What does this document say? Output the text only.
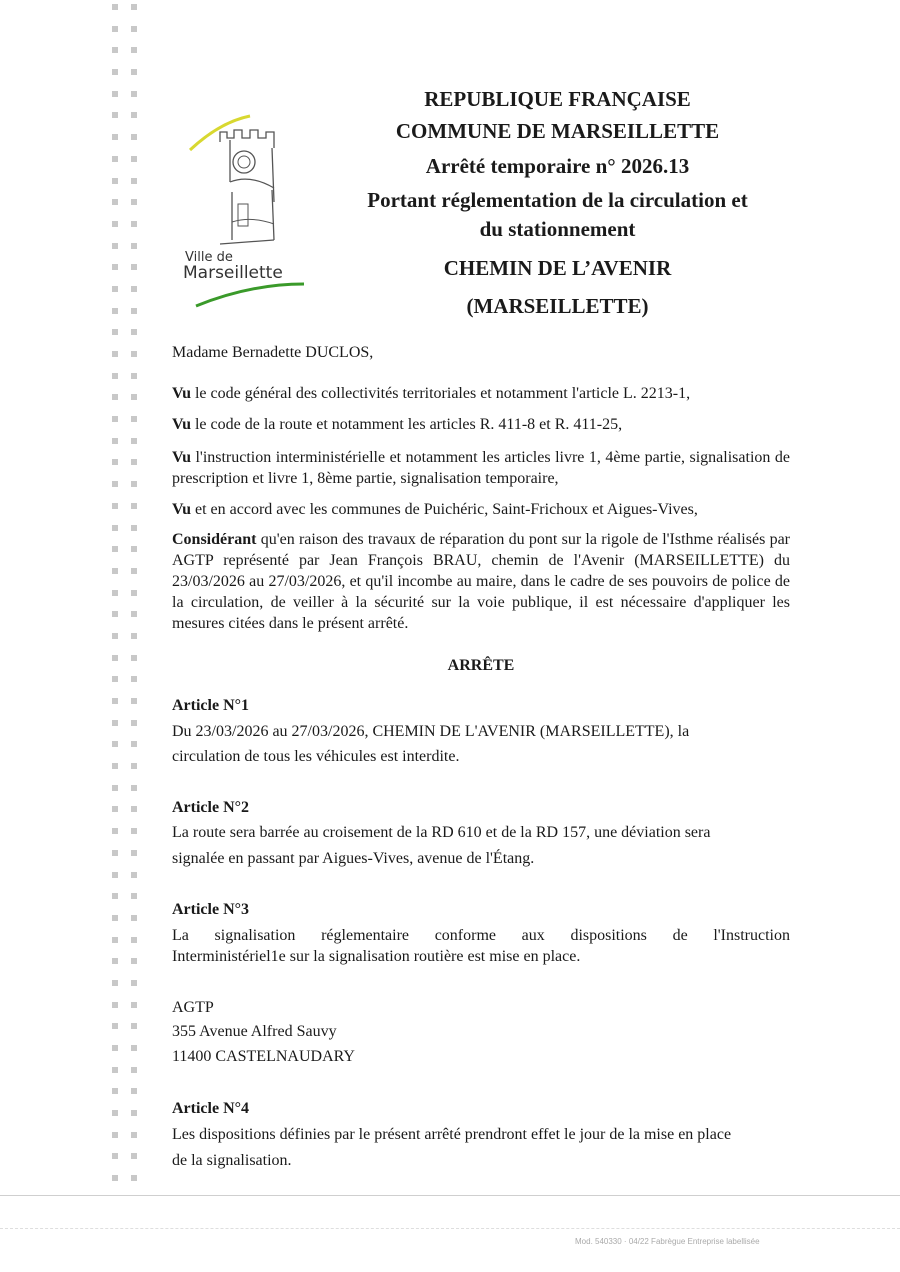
Ville de
Marseillette
REPUBLIQUE FRANÇAISE
COMMUNE DE MARSEILLETTE
Arrêté temporaire n° 2026.13
Portant réglementation de la circulation et
du stationnement
CHEMIN DE L’AVENIR
(MARSEILLETTE)
Madame Bernadette DUCLOS,
Vu le code général des collectivités territoriales et notamment l'article L. 2213-1,
Vu le code de la route et notamment les articles R. 411-8 et R. 411-25,
Vu l'instruction interministérielle et notamment les articles livre 1, 4ème partie, signalisation de prescription et livre 1, 8ème partie, signalisation temporaire,
Vu et en accord avec les communes de Puichéric, Saint-Frichoux et Aigues-Vives,
Considérant qu'en raison des travaux de réparation du pont sur la rigole de l'Isthme réalisés par AGTP représenté par Jean François BRAU, chemin de l'Avenir (MARSEILLETTE) du 23/03/2026 au 27/03/2026, et qu'il incombe au maire, dans le cadre de ses pouvoirs de police de la circulation, de veiller à la sécurité sur la voie publique, il est nécessaire d'appliquer les mesures citées dans le présent arrêté.
ARRÊTE
Article N°1
Du 23/03/2026 au 27/03/2026, CHEMIN DE L'AVENIR (MARSEILLETTE), la
circulation de tous les véhicules est interdite.
Article N°2
La route sera barrée au croisement de la RD 610 et de la RD 157, une déviation sera
signalée en passant par Aigues-Vives, avenue de l'Étang.
Article N°3
La signalisation réglementaire conforme aux dispositions de l'Instruction
Interministériel1e sur la signalisation routière est mise en place.
AGTP
355 Avenue Alfred Sauvy
11400 CASTELNAUDARY
Article N°4
Les dispositions définies par le présent arrêté prendront effet le jour de la mise en place
de la signalisation.
Mod. 540330 · 04/22 Fabrègue Entreprise labellisée
